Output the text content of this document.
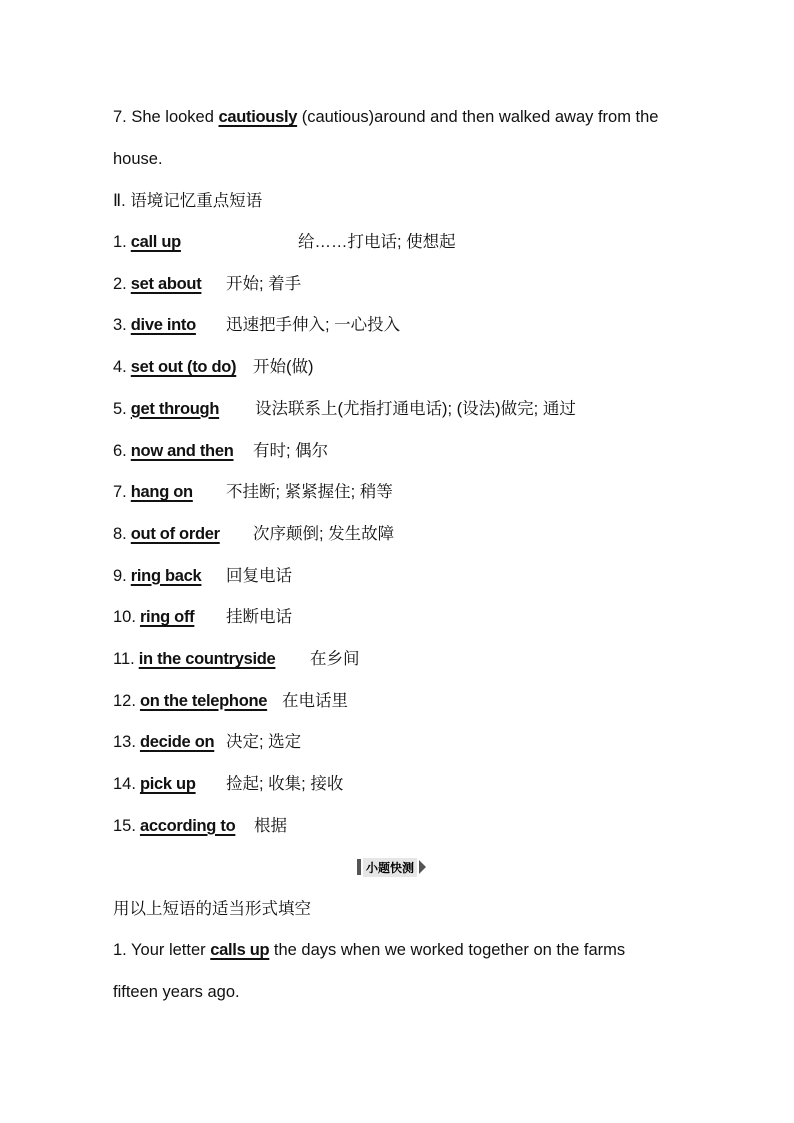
7. She looked cautiously (cautious)around and then walked away from the
house.
Ⅱ. 语境记忆重点短语
1. call up	给……打电话; 使想起
2. set about 开始; 着手
3. dive into 迅速把手伸入; 一心投入
4. set out (to do) 开始(做)
5. get through 设法联系上(尤指打通电话); (设法)做完; 通过
6. now and then 有时; 偶尔
7. hang on 不挂断; 紧紧握住; 稍等
8. out of order 次序颠倒; 发生故障
9. ring back 回复电话
10. ring off 挂断电话
11. in the countryside 在乡间
12. on the telephone 在电话里
13. decide on 决定; 选定
14. pick up 捡起; 收集; 接收
15. according to 根据
小题快测
用以上短语的适当形式填空
1. Your letter calls up the days when we worked together on the farms
fifteen years ago.
